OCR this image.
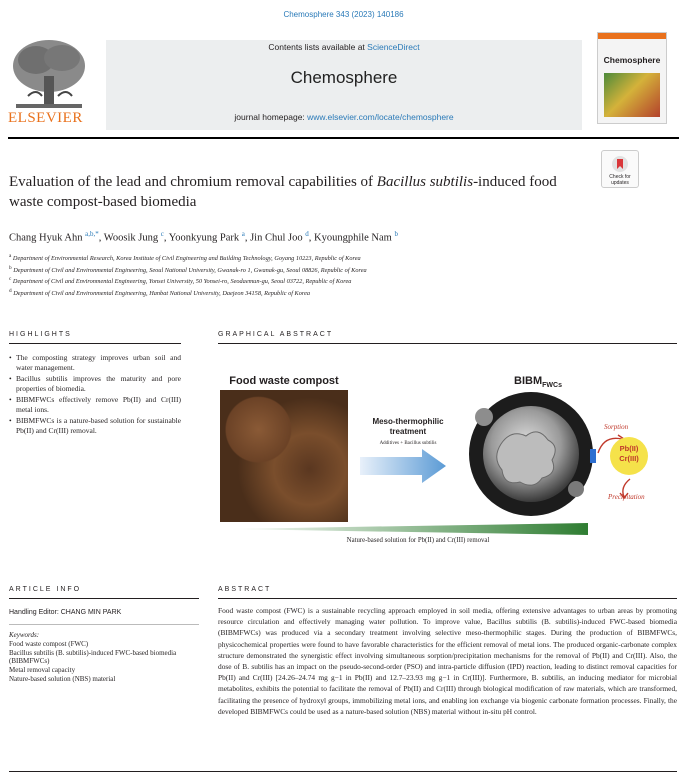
Chemosphere 343 (2023) 140186
ELSEVIER
Contents lists available at ScienceDirect
Chemosphere
journal homepage: www.elsevier.com/locate/chemosphere
Chemosphere
Check for updates
Evaluation of the lead and chromium removal capabilities of Bacillus subtilis-induced food waste compost-based biomedia
Chang Hyuk Ahn $^{a,b,*}$, Woosik Jung $^c$, Yoonkyung Park $^a$, Jin Chul Joo $^d$, Kyoungphile Nam $^b$
$^a$ Department of Environmental Research, Korea Institute of Civil Engineering and Building Technology, Goyang 10223, Republic of Korea
$^b$ Department of Civil and Environmental Engineering, Seoul National University, Gwanak-ro 1, Gwanak-gu, Seoul 08826, Republic of Korea
$^c$ Department of Civil and Environmental Engineering, Yonsei University, 50 Yonsei-ro, Seodaemun-gu, Seoul 03722, Republic of Korea
$^d$ Department of Civil and Environmental Engineering, Hanbat National University, Daejeon 34158, Republic of Korea
HIGHLIGHTS
• The composting strategy improves urban soil and water management.
• Bacillus subtilis improves the maturity and pore properties of biomedia.
• BIBMFWCs effectively remove Pb(II) and Cr(III) metal ions.
• BIBMFWCs is a nature-based solution for sustainable Pb(II) and Cr(III) removal.
GRAPHICAL ABSTRACT
Food waste compost
Meso-thermophilic
treatment
Additives + Bacillus subtilis
$BIBM_{FWCs}$
Sorption
Pb(II)
Cr(III)
Precipitation
Nature-based solution for Pb(II) and Cr(III) removal
ARTICLE INFO
Handling Editor: CHANG MIN PARK
Keywords:
Food waste compost (FWC)
Bacillus subtilis (B. subtilis)-induced FWC-based biomedia (BIBMFWCs)
Metal removal capacity
Nature-based solution (NBS) material
ABSTRACT
Food waste compost (FWC) is a sustainable recycling approach employed in soil media, offering extensive advantages to urban areas by promoting resource circulation and effectively managing water pollution. To improve value, Bacillus subtilis (B. subtilis)-induced FWC-based biomedia (BIBMFWCs) was produced via a secondary treatment involving selective meso-thermophilic stages. During the production of BIBMFWCs, physicochemical properties were found to have favorable characteristics for the efficient removal of metal ions. The produced organic-carbonate complex structure demonstrated the synergistic effect involving simultaneous sorption/precipitation mechanisms for the removal of Pb(II) and Cr(III). Also, the dose of B. subtilis has an impact on the pseudo-second-order (PSO) and intra-particle diffusion (IPD) reaction, leading to distinct removal capacities for Pb(II) and Cr(III) [24.26–24.74 mg g−1 in Pb(II) and 12.7–23.93 mg g−1 in Cr(III)]. Furthermore, B. subtilis, an inducing mediator for microbial metabolites, exhibits the potential to facilitate the removal of Pb(II) and Cr(III) through biological modification of raw materials, which are transformed, facilitating the presence of hydroxyl groups, immobilizing metal ions, and enabling ion exchange via biogenic carbonate formation processes. Finally, the developed BIBMFWCs could be used as a nature-based solution (NBS) material without in-situ pH control.
